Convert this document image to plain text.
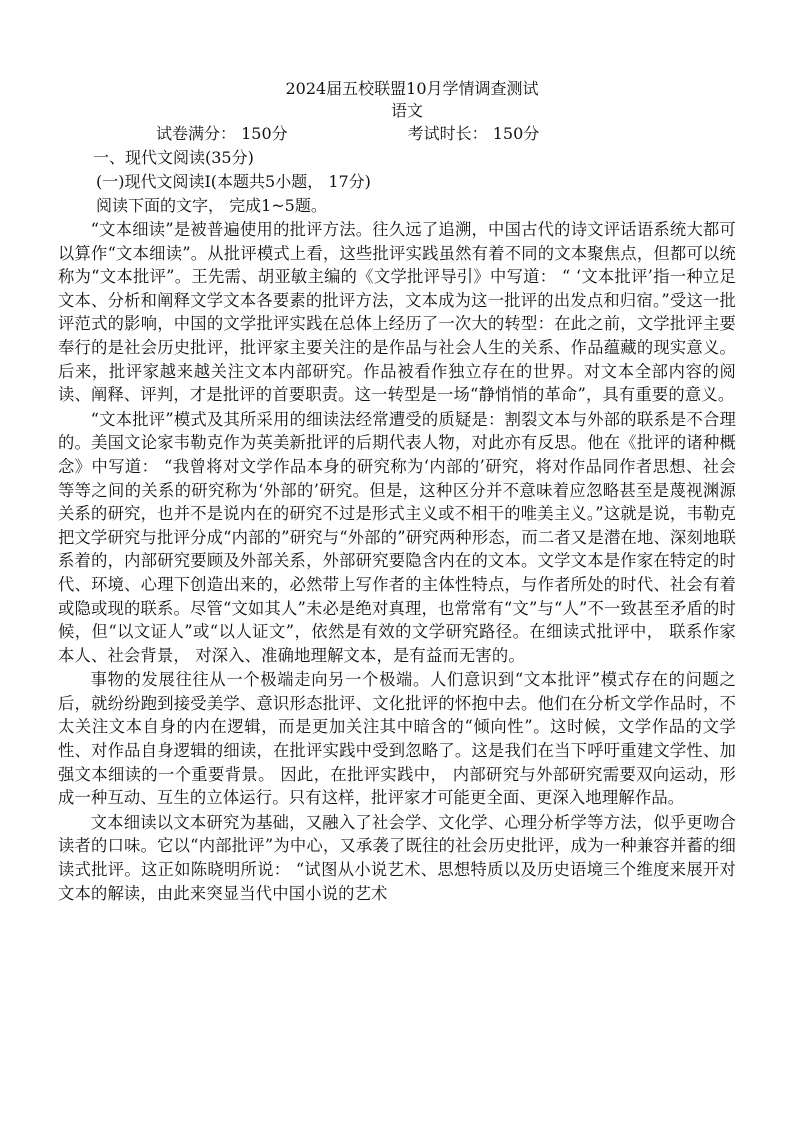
2024届五校联盟10月学情调查测试

语文

试卷满分： 150分	考试时长： 150分

一、现代文阅读(35分)

(一)现代文阅读Ⅰ(本题共5小题， 17分)

阅读下面的文字， 完成1~5题。

“文本细读”是被普遍使用的批评方法。往久远了追溯，中国古代的诗文评话语系统大都可以算作“文本细读”。从批评模式上看，这些批评实践虽然有着不同的文本聚焦点，但都可以统称为“文本批评”。王先需、胡亚敏主编的《文学批评导引》中写道： “ ‘文本批评’指一种立足文本、分析和阐释文学文本各要素的批评方法，文本成为这一批评的出发点和归宿。”受这一批评范式的影响，中国的文学批评实践在总体上经历了一次大的转型：在此之前，文学批评主要奉行的是社会历史批评，批评家主要关注的是作品与社会人生的关系、作品蕴藏的现实意义。后来，批评家越来越关注文本内部研究。作品被看作独立存在的世界。对文本全部内容的阅读、阐释、评判，才是批评的首要职责。这一转型是一场“静悄悄的革命”，具有重要的意义。

“文本批评”模式及其所采用的细读法经常遭受的质疑是：割裂文本与外部的联系是不合理的。美国文论家韦勒克作为英美新批评的后期代表人物，对此亦有反思。他在《批评的诸种概念》中写道： “我曾将对文学作品本身的研究称为‘内部的’研究，将对作品同作者思想、社会等等之间的关系的研究称为‘外部的’研究。但是，这种区分并不意味着应忽略甚至是蔑视渊源关系的研究，也并不是说内在的研究不过是形式主义或不相干的唯美主义。”这就是说，韦勒克把文学研究与批评分成“内部的”研究与“外部的”研究两种形态，而二者又是潜在地、深刻地联系着的，内部研究要顾及外部关系，外部研究要隐含内在的文本。文学文本是作家在特定的时代、环境、心理下创造出来的，必然带上写作者的主体性特点，与作者所处的时代、社会有着或隐或现的联系。尽管“文如其人”未必是绝对真理，也常常有“文”与“人”不一致甚至矛盾的时候，但“以文证人”或“以人证文”，依然是有效的文学研究路径。在细读式批评中， 联系作家本人、社会背景， 对深入、准确地理解文本，是有益而无害的。

事物的发展往往从一个极端走向另一个极端。人们意识到“文本批评”模式存在的问题之后，就纷纷跑到接受美学、意识形态批评、文化批评的怀抱中去。他们在分析文学作品时，不太关注文本自身的内在逻辑，而是更加关注其中暗含的“倾向性”。这时候，文学作品的文学性、对作品自身逻辑的细读，在批评实践中受到忽略了。这是我们在当下呼吁重建文学性、加强文本细读的一个重要背景。 因此，在批评实践中， 内部研究与外部研究需要双向运动，形成一种互动、互生的立体运行。只有这样，批评家才可能更全面、更深入地理解作品。

文本细读以文本研究为基础，又融入了社会学、文化学、心理分析学等方法，似乎更吻合读者的口味。它以“内部批评”为中心，又承袭了既往的社会历史批评，成为一种兼容并蓄的细读式批评。这正如陈晓明所说： “试图从小说艺术、思想特质以及历史语境三个维度来展开对文本的解读，由此来突显当代中国小说的艺术
